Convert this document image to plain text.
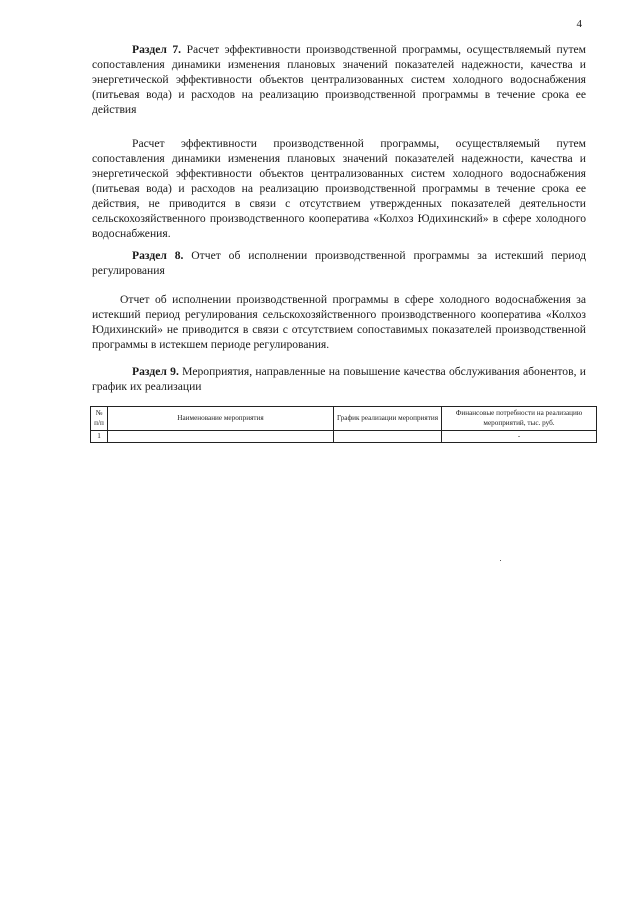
4

Раздел 7. Расчет эффективности производственной программы, осуществляемый путем сопоставления динамики изменения плановых значений показателей надежности, качества и энергетической эффективности объектов централизованных систем холодного водоснабжения (питьевая вода) и расходов на реализацию производственной программы в течение срока ее действия

Расчет эффективности производственной программы, осуществляемый путем сопоставления динамики изменения плановых значений показателей надежности, качества и энергетической эффективности объектов централизованных систем холодного водоснабжения (питьевая вода) и расходов на реализацию производственной программы в течение срока ее действия, не приводится в связи с отсутствием утвержденных показателей деятельности сельскохозяйственного производственного кооператива «Колхоз Юдихинский» в сфере холодного водоснабжения.

Раздел 8. Отчет об исполнении производственной программы за истекший период регулирования

Отчет об исполнении производственной программы в сфере холодного водоснабжения за истекший период регулирования сельскохозяйственного производственного кооператива «Колхоз Юдихинский» не приводится в связи с отсутствием сопоставимых показателей производственной программы в истекшем периоде регулирования.

Раздел 9. Мероприятия, направленные на повышение качества обслуживания абонентов, и график их реализации

№ п/п	Наименование мероприятия	График реализации мероприятия	Финансовые потребности на реализацию мероприятий, тыс. руб.
1			-
